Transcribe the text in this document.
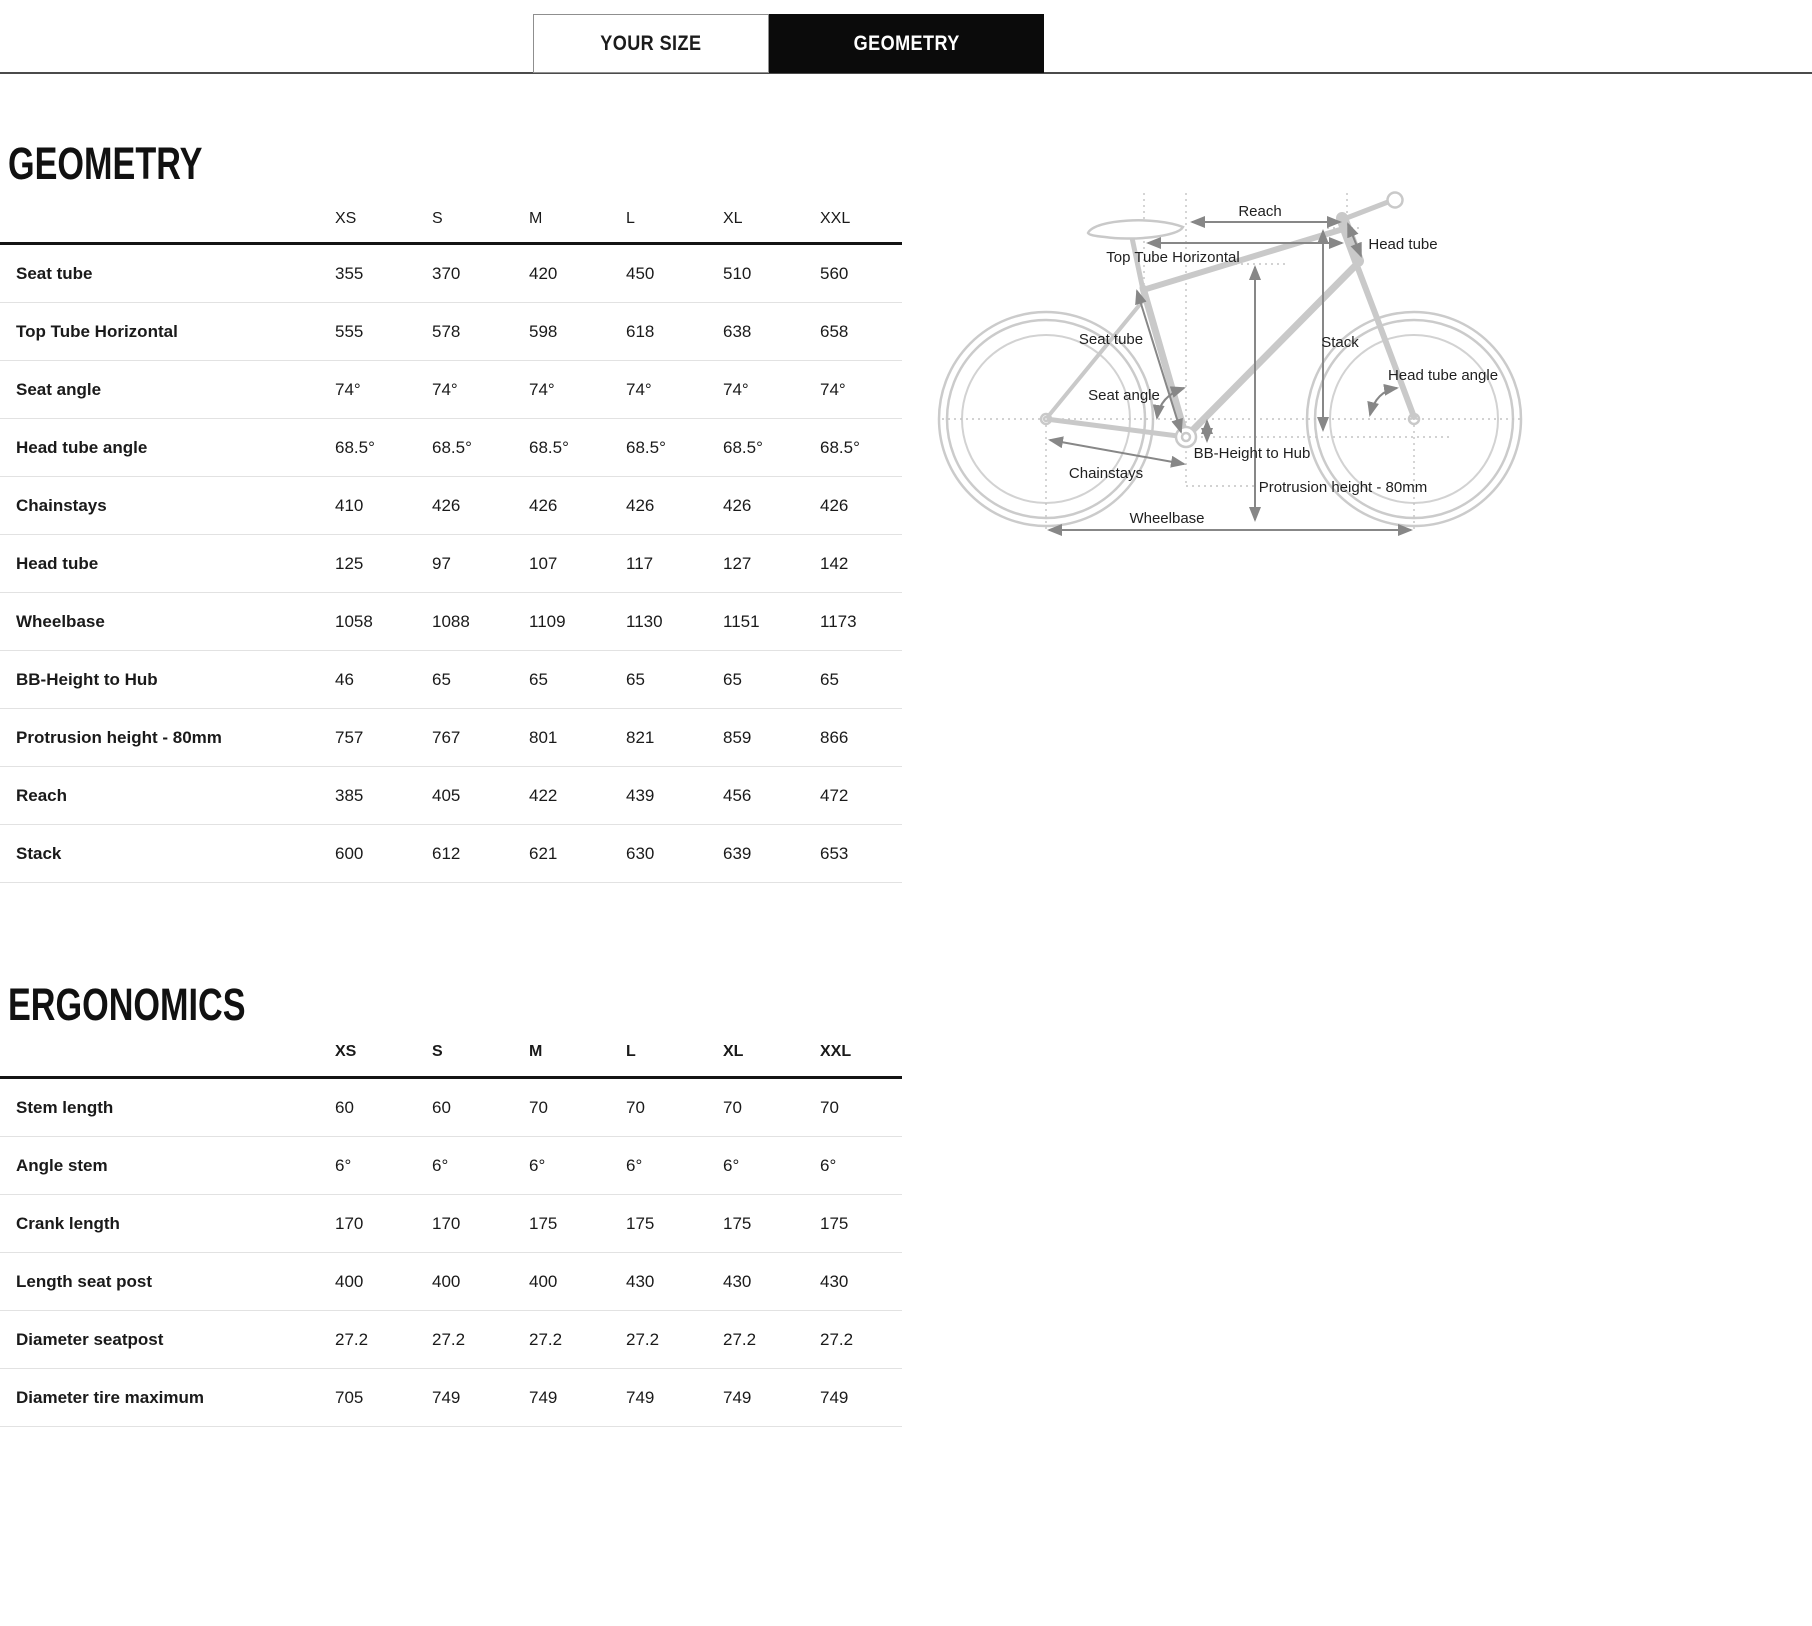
YOUR SIZE	GEOMETRY
GEOMETRY
	XS	S	M	L	XL	XXL
Seat tube	355	370	420	450	510	560
Top Tube Horizontal	555	578	598	618	638	658
Seat angle	74°	74°	74°	74°	74°	74°
Head tube angle	68.5°	68.5°	68.5°	68.5°	68.5°	68.5°
Chainstays	410	426	426	426	426	426
Head tube	125	97	107	117	127	142
Wheelbase	1058	1088	1109	1130	1151	1173
BB-Height to Hub	46	65	65	65	65	65
Protrusion height - 80mm	757	767	801	821	859	866
Reach	385	405	422	439	456	472
Stack	600	612	621	630	639	653
Reach
Head tube
Top Tube Horizontal
Seat tube	Stack
Head tube angle
Seat angle
BB-Height to Hub
Chainstays
Protrusion height - 80mm
Wheelbase
ERGONOMICS
	XS	S	M	L	XL	XXL
Stem length	60	60	70	70	70	70
Angle stem	6°	6°	6°	6°	6°	6°
Crank length	170	170	175	175	175	175
Length seat post	400	400	400	430	430	430
Diameter seatpost	27.2	27.2	27.2	27.2	27.2	27.2
Diameter tire maximum	705	749	749	749	749	749
